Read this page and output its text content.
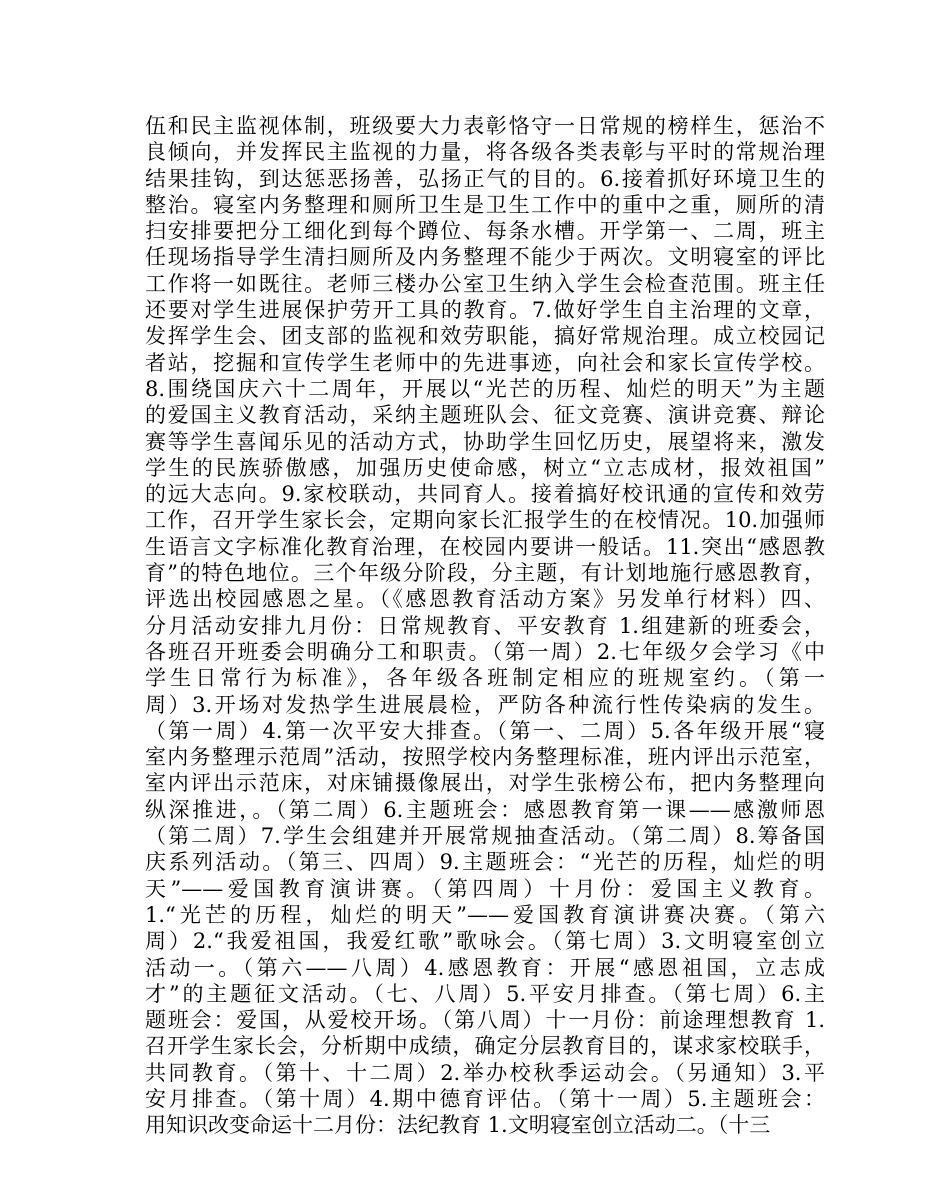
伍和民主监视体制，班级要大力表彰恪守一日常规的榜样生，惩治不
良倾向，并发挥民主监视的力量，将各级各类表彰与平时的常规治理
结果挂钩，到达惩恶扬善，弘扬正气的目的。6.接着抓好环境卫生的
整治。寝室内务整理和厕所卫生是卫生工作中的重中之重，厕所的清
扫安排要把分工细化到每个蹲位、每条水槽。开学第一、二周，班主
任现场指导学生清扫厕所及内务整理不能少于两次。文明寝室的评比
工作将一如既往。老师三楼办公室卫生纳入学生会检查范围。班主任
还要对学生进展保护劳开工具的教育。7.做好学生自主治理的文章，
发挥学生会、团支部的监视和效劳职能，搞好常规治理。成立校园记
者站，挖掘和宣传学生老师中的先进事迹，向社会和家长宣传学校。
8.围绕国庆六十二周年，开展以“光芒的历程、灿烂的明天”为主题
的爱国主义教育活动，采纳主题班队会、征文竞赛、演讲竞赛、辩论
赛等学生喜闻乐见的活动方式，协助学生回忆历史，展望将来，激发
学生的民族骄傲感，加强历史使命感，树立“立志成材，报效祖国”
的远大志向。9.家校联动，共同育人。接着搞好校讯通的宣传和效劳
工作，召开学生家长会，定期向家长汇报学生的在校情况。10.加强师
生语言文字标准化教育治理，在校园内要讲一般话。11.突出“感恩教
育”的特色地位。三个年级分阶段，分主题，有计划地施行感恩教育，
评选出校园感恩之星。（《感恩教育活动方案》另发单行材料）四、
分月活动安排九月份：日常规教育、平安教育 1.组建新的班委会，
各班召开班委会明确分工和职责。（第一周）2.七年级夕会学习《中
学生日常行为标准》，各年级各班制定相应的班规室约。（第一
周）3.开场对发热学生进展晨检，严防各种流行性传染病的发生。
（第一周）4.第一次平安大排查。（第一、二周）5.各年级开展“寝
室内务整理示范周”活动，按照学校内务整理标准，班内评出示范室，
室内评出示范床，对床铺摄像展出，对学生张榜公布，把内务整理向
纵深推进，。（第二周）6.主题班会：感恩教育第一课——感激师恩
（第二周）7.学生会组建并开展常规抽查活动。（第二周）8.筹备国
庆系列活动。（第三、四周）9.主题班会：“光芒的历程，灿烂的明
天”——爱国教育演讲赛。（第四周）十月份：爱国主义教育。
1.“光芒的历程，灿烂的明天”——爱国教育演讲赛决赛。（第六
周）2.“我爱祖国，我爱红歌”歌咏会。（第七周）3.文明寝室创立
活动一。（第六——八周）4.感恩教育：开展“感恩祖国，立志成
才”的主题征文活动。（七、八周）5.平安月排查。（第七周）6.主
题班会：爱国，从爱校开场。（第八周）十一月份：前途理想教育 1.
召开学生家长会，分析期中成绩，确定分层教育目的，谋求家校联手，
共同教育。（第十、十二周）2.举办校秋季运动会。（另通知）3.平
安月排查。（第十周）4.期中德育评估。（第十一周）5.主题班会：
用知识改变命运十二月份：法纪教育 1.文明寝室创立活动二。（十三
